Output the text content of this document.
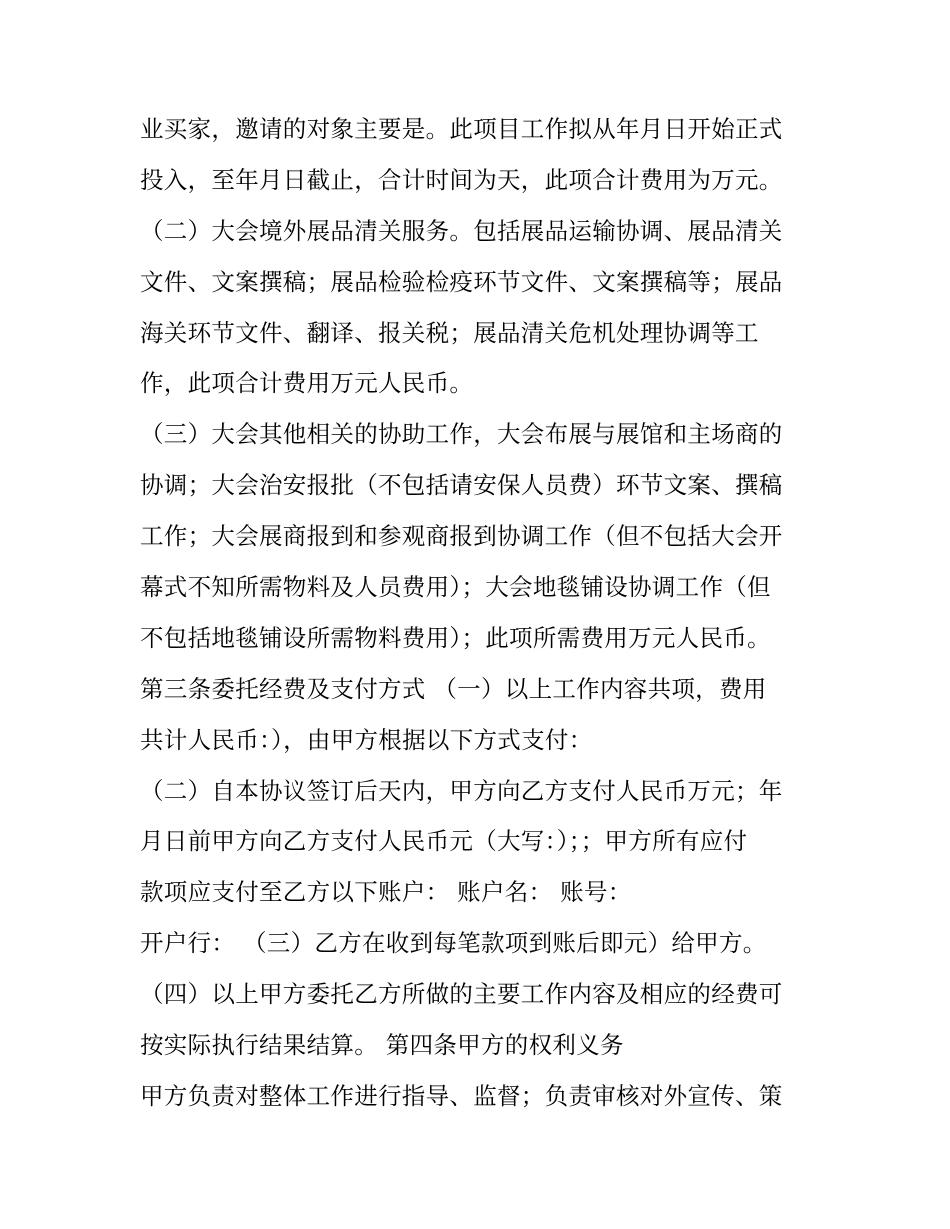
业买家，邀请的对象主要是。此项目工作拟从年月日开始正式
投入，至年月日截止，合计时间为天，此项合计费用为万元。
（二）大会境外展品清关服务。包括展品运输协调、展品清关
文件、文案撰稿；展品检验检疫环节文件、文案撰稿等；展品
海关环节文件、翻译、报关税；展品清关危机处理协调等工
作，此项合计费用万元人民币。
（三）大会其他相关的协助工作，大会布展与展馆和主场商的
协调；大会治安报批（不包括请安保人员费）环节文案、撰稿
工作；大会展商报到和参观商报到协调工作（但不包括大会开
幕式不知所需物料及人员费用）；大会地毯铺设协调工作（但
不包括地毯铺设所需物料费用）；此项所需费用万元人民币。
第三条委托经费及支付方式 （一）以上工作内容共项，费用
共计人民币：），由甲方根据以下方式支付：
（二）自本协议签订后天内，甲方向乙方支付人民币万元；年
月日前甲方向乙方支付人民币元（大写：）；；甲方所有应付
款项应支付至乙方以下账户： 账户名： 账号：
开户行： （三）乙方在收到每笔款项到账后即元）给甲方。
（四）以上甲方委托乙方所做的主要工作内容及相应的经费可
按实际执行结果结算。 第四条甲方的权利义务
甲方负责对整体工作进行指导、监督；负责审核对外宣传、策
